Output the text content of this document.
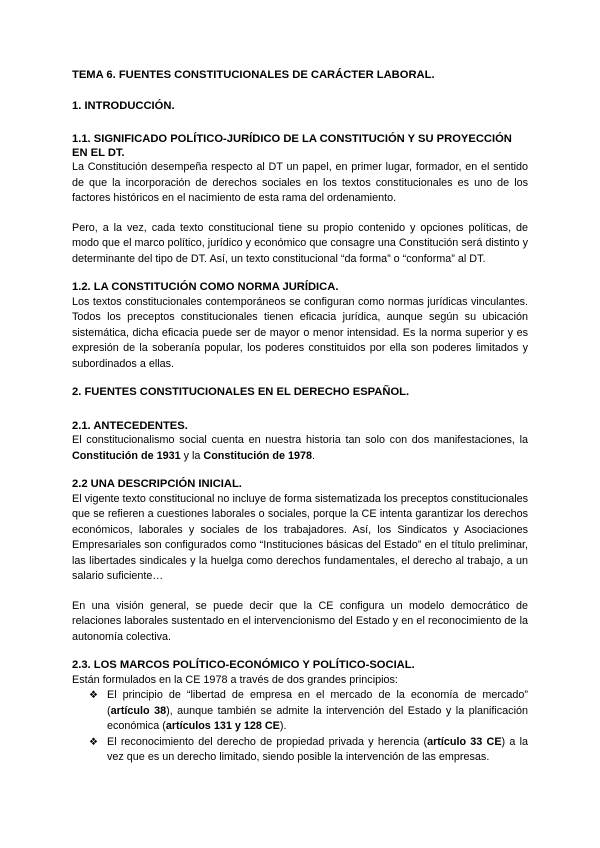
TEMA 6. FUENTES CONSTITUCIONALES DE CARÁCTER LABORAL.

1. INTRODUCCIÓN.

1.1. SIGNIFICADO POLÍTICO-JURÍDICO DE LA CONSTITUCIÓN Y SU PROYECCIÓN EN EL DT.

La Constitución desempeña respecto al DT un papel, en primer lugar, formador, en el sentido de que la incorporación de derechos sociales en los textos constitucionales es uno de los factores históricos en el nacimiento de esta rama del ordenamiento.

Pero, a la vez, cada texto constitucional tiene su propio contenido y opciones políticas, de modo que el marco político, jurídico y económico que consagre una Constitución será distinto y determinante del tipo de DT. Así, un texto constitucional “da forma” o “conforma” al DT.

1.2. LA CONSTITUCIÓN COMO NORMA JURÍDICA.

Los textos constitucionales contemporáneos se configuran como normas jurídicas vinculantes. Todos los preceptos constitucionales tienen eficacia jurídica, aunque según su ubicación sistemática, dicha eficacia puede ser de mayor o menor intensidad. Es la norma superior y es expresión de la soberanía popular, los poderes constituidos por ella son poderes limitados y subordinados a ellas.

2. FUENTES CONSTITUCIONALES EN EL DERECHO ESPAÑOL.

2.1. ANTECEDENTES.

El constitucionalismo social cuenta en nuestra historia tan solo con dos manifestaciones, la Constitución de 1931 y la Constitución de 1978.

2.2 UNA DESCRIPCIÓN INICIAL.

El vigente texto constitucional no incluye de forma sistematizada los preceptos constitucionales que se refieren a cuestiones laborales o sociales, porque la CE intenta garantizar los derechos económicos, laborales y sociales de los trabajadores. Así, los Sindicatos y Asociaciones Empresariales son configurados como “Instituciones básicas del Estado” en el título preliminar, las libertades sindicales y la huelga como derechos fundamentales, el derecho al trabajo, a un salario suficiente…

En una visión general, se puede decir que la CE configura un modelo democrático de relaciones laborales sustentado en el intervencionismo del Estado y en el reconocimiento de la autonomía colectiva.

2.3. LOS MARCOS POLÍTICO-ECONÓMICO Y POLÍTICO-SOCIAL.

Están formulados en la CE 1978 a través de dos grandes principios:

❖ El principio de “libertad de empresa en el mercado de la economía de mercado” (artículo 38), aunque también se admite la intervención del Estado y la planificación económica (artículos 131 y 128 CE).
❖ El reconocimiento del derecho de propiedad privada y herencia (artículo 33 CE) a la vez que es un derecho limitado, siendo posible la intervención de las empresas.
